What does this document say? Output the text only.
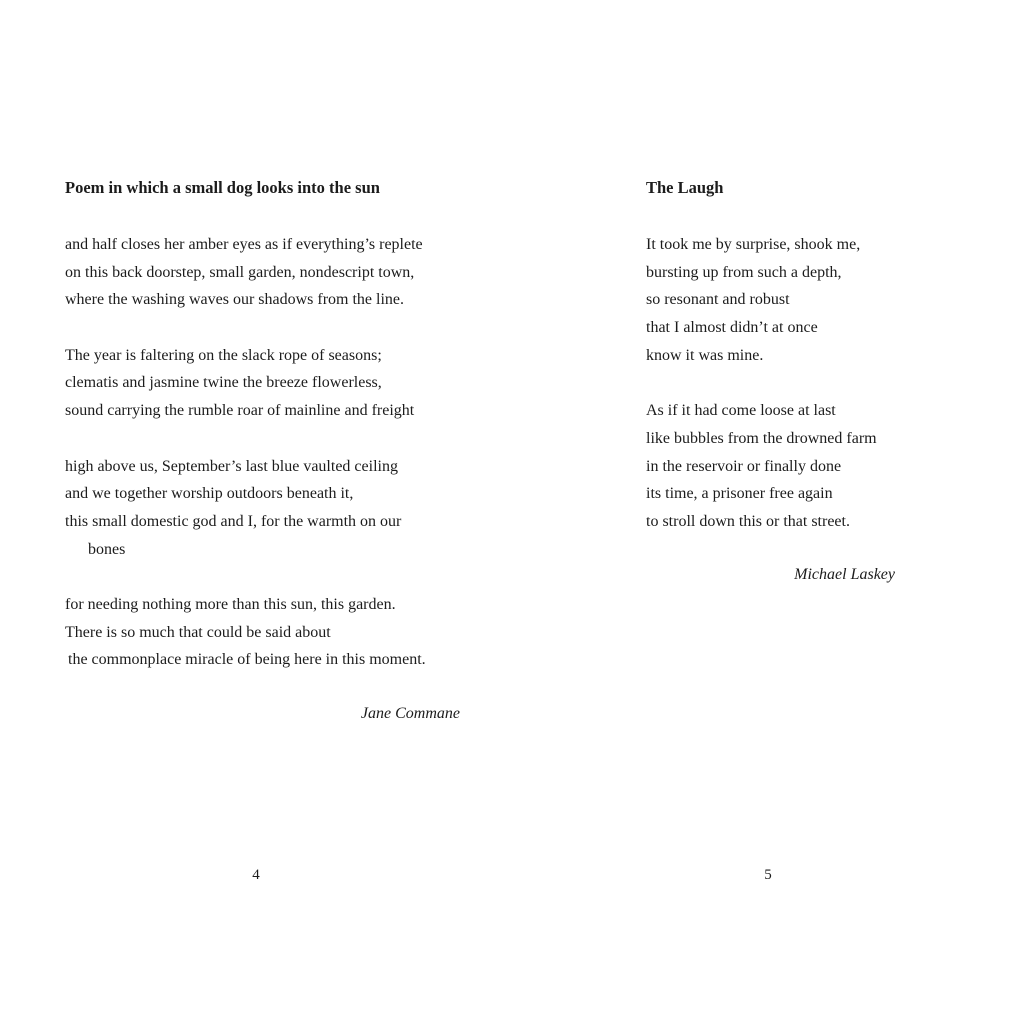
Poem in which a small dog looks into the sun
and half closes her amber eyes as if everything’s replete
on this back doorstep, small garden, nondescript town,
where the washing waves our shadows from the line.
The year is faltering on the slack rope of seasons;
clematis and jasmine twine the breeze flowerless,
sound carrying the rumble roar of mainline and freight
high above us, September’s last blue vaulted ceiling
and we together worship outdoors beneath it,
this small domestic god and I, for the warmth on our
bones
for needing nothing more than this sun, this garden.
There is so much that could be said about
the commonplace miracle of being here in this moment.

Jane Commane

4

The Laugh
It took me by surprise, shook me,
bursting up from such a depth,
so resonant and robust
that I almost didn’t at once
know it was mine.
As if it had come loose at last
like bubbles from the drowned farm
in the reservoir or finally done
its time, a prisoner free again
to stroll down this or that street.

Michael Laskey

5
